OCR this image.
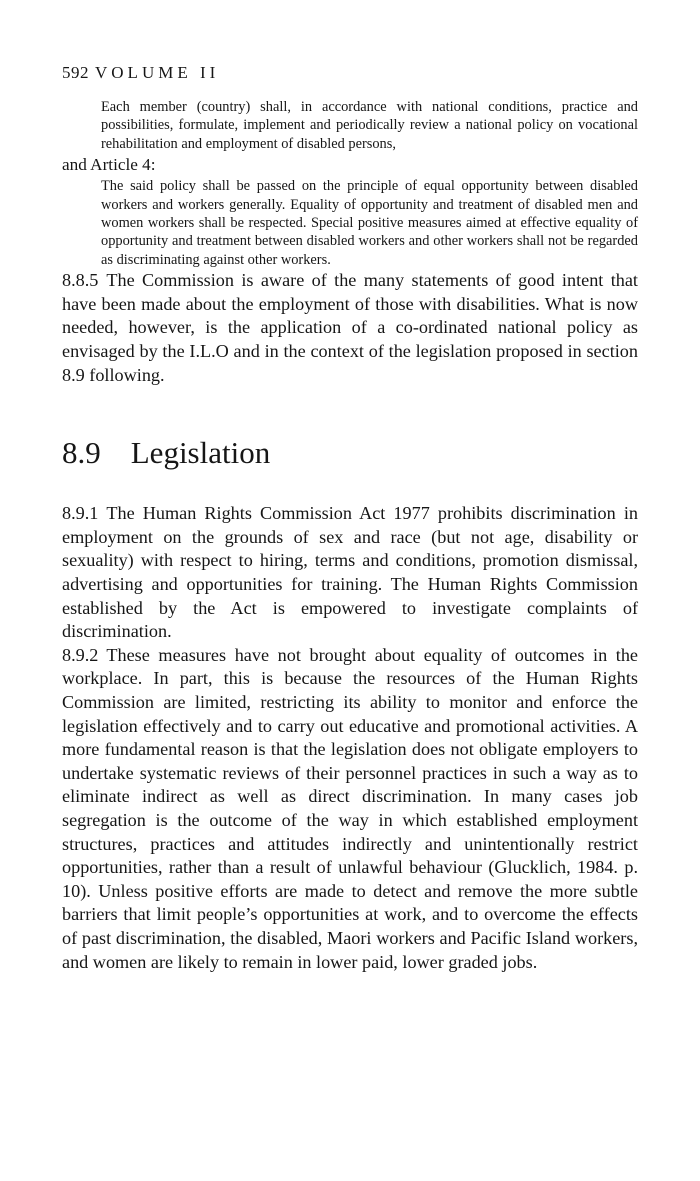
592 VOLUME II

Each member (country) shall, in accordance with national conditions, practice and possibilities, formulate, implement and periodically review a national policy on vocational rehabilitation and employment of disabled persons,

and Article 4:

The said policy shall be passed on the principle of equal opportunity between disabled workers and workers generally. Equality of opportunity and treatment of disabled men and women workers shall be respected. Special positive measures aimed at effective equality of opportunity and treatment between disabled workers and other workers shall not be regarded as discriminating against other workers.

8.8.5 The Commission is aware of the many statements of good intent that have been made about the employment of those with disabilities. What is now needed, however, is the application of a co-ordinated national policy as envisaged by the I.L.O and in the context of the legislation proposed in section 8.9 following.

8.9 Legislation

8.9.1 The Human Rights Commission Act 1977 prohibits discrimination in employment on the grounds of sex and race (but not age, disability or sexuality) with respect to hiring, terms and conditions, promotion dismissal, advertising and opportunities for training. The Human Rights Commission established by the Act is empowered to investigate complaints of discrimination.

8.9.2 These measures have not brought about equality of outcomes in the workplace. In part, this is because the resources of the Human Rights Commission are limited, restricting its ability to monitor and enforce the legislation effectively and to carry out educative and promotional activities. A more fundamental reason is that the legislation does not obligate employers to undertake systematic reviews of their personnel practices in such a way as to eliminate indirect as well as direct discrimination. In many cases job segregation is the outcome of the way in which established employment structures, practices and attitudes indirectly and unintentionally restrict opportunities, rather than a result of unlawful behaviour (Glucklich, 1984. p. 10). Unless positive efforts are made to detect and remove the more subtle barriers that limit people’s opportunities at work, and to overcome the effects of past discrimination, the disabled, Maori workers and Pacific Island workers, and women are likely to remain in lower paid, lower graded jobs.
